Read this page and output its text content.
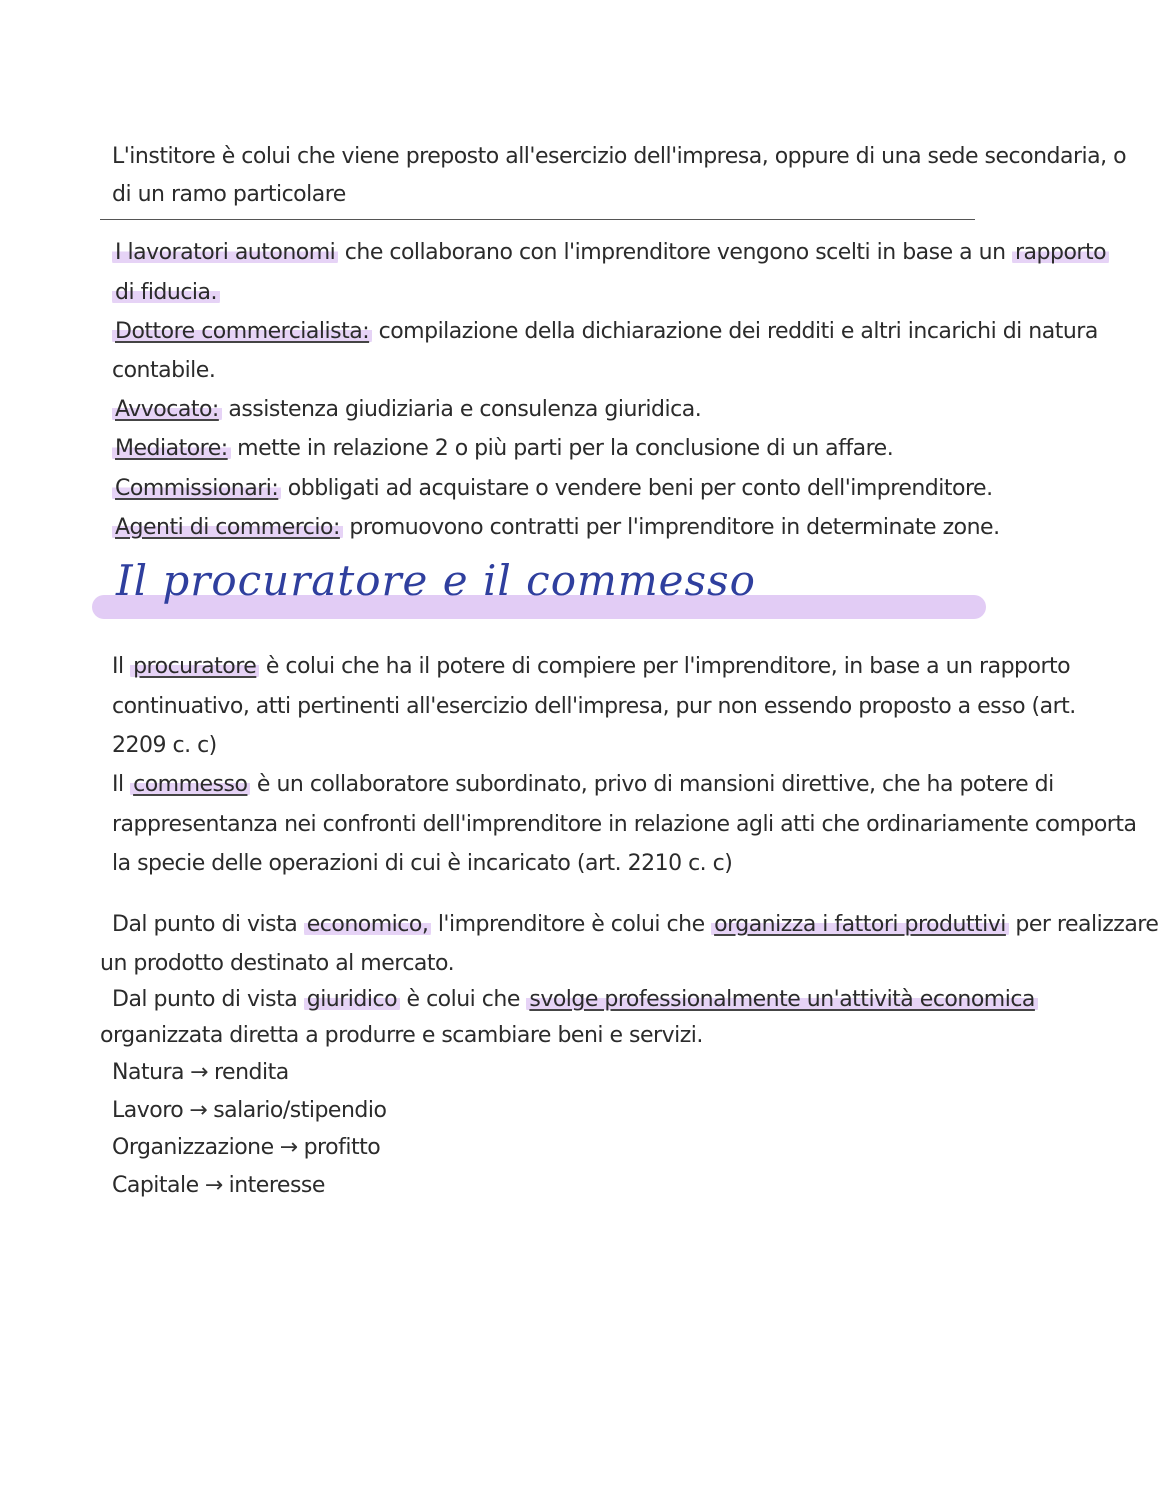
L'institore è colui che viene preposto all'esercizio dell'impresa, oppure di una sede secondaria, o
di un ramo particolare
I lavoratori autonomi che collaborano con l'imprenditore vengono scelti in base a un rapporto
di fiducia.
Dottore commercialista: compilazione della dichiarazione dei redditi e altri incarichi di natura
contabile.
Avvocato: assistenza giudiziaria e consulenza giuridica.
Mediatore: mette in relazione 2 o più parti per la conclusione di un affare.
Commissionari: obbligati ad acquistare o vendere beni per conto dell'imprenditore.
Agenti di commercio: promuovono contratti per l'imprenditore in determinate zone.
Il procuratore e il commesso
Il procuratore è colui che ha il potere di compiere per l'imprenditore, in base a un rapporto
continuativo, atti pertinenti all'esercizio dell'impresa, pur non essendo proposto a esso (art.
2209 c. c)
Il commesso è un collaboratore subordinato, privo di mansioni direttive, che ha potere di
rappresentanza nei confronti dell'imprenditore in relazione agli atti che ordinariamente comporta
la specie delle operazioni di cui è incaricato (art. 2210 c. c)
Dal punto di vista economico, l'imprenditore è colui che organizza i fattori produttivi per realizzare
un prodotto destinato al mercato.
Dal punto di vista giuridico è colui che svolge professionalmente un'attività economica
organizzata diretta a produrre e scambiare beni e servizi.
Natura → rendita
Lavoro → salario/stipendio
Organizzazione → profitto
Capitale → interesse
